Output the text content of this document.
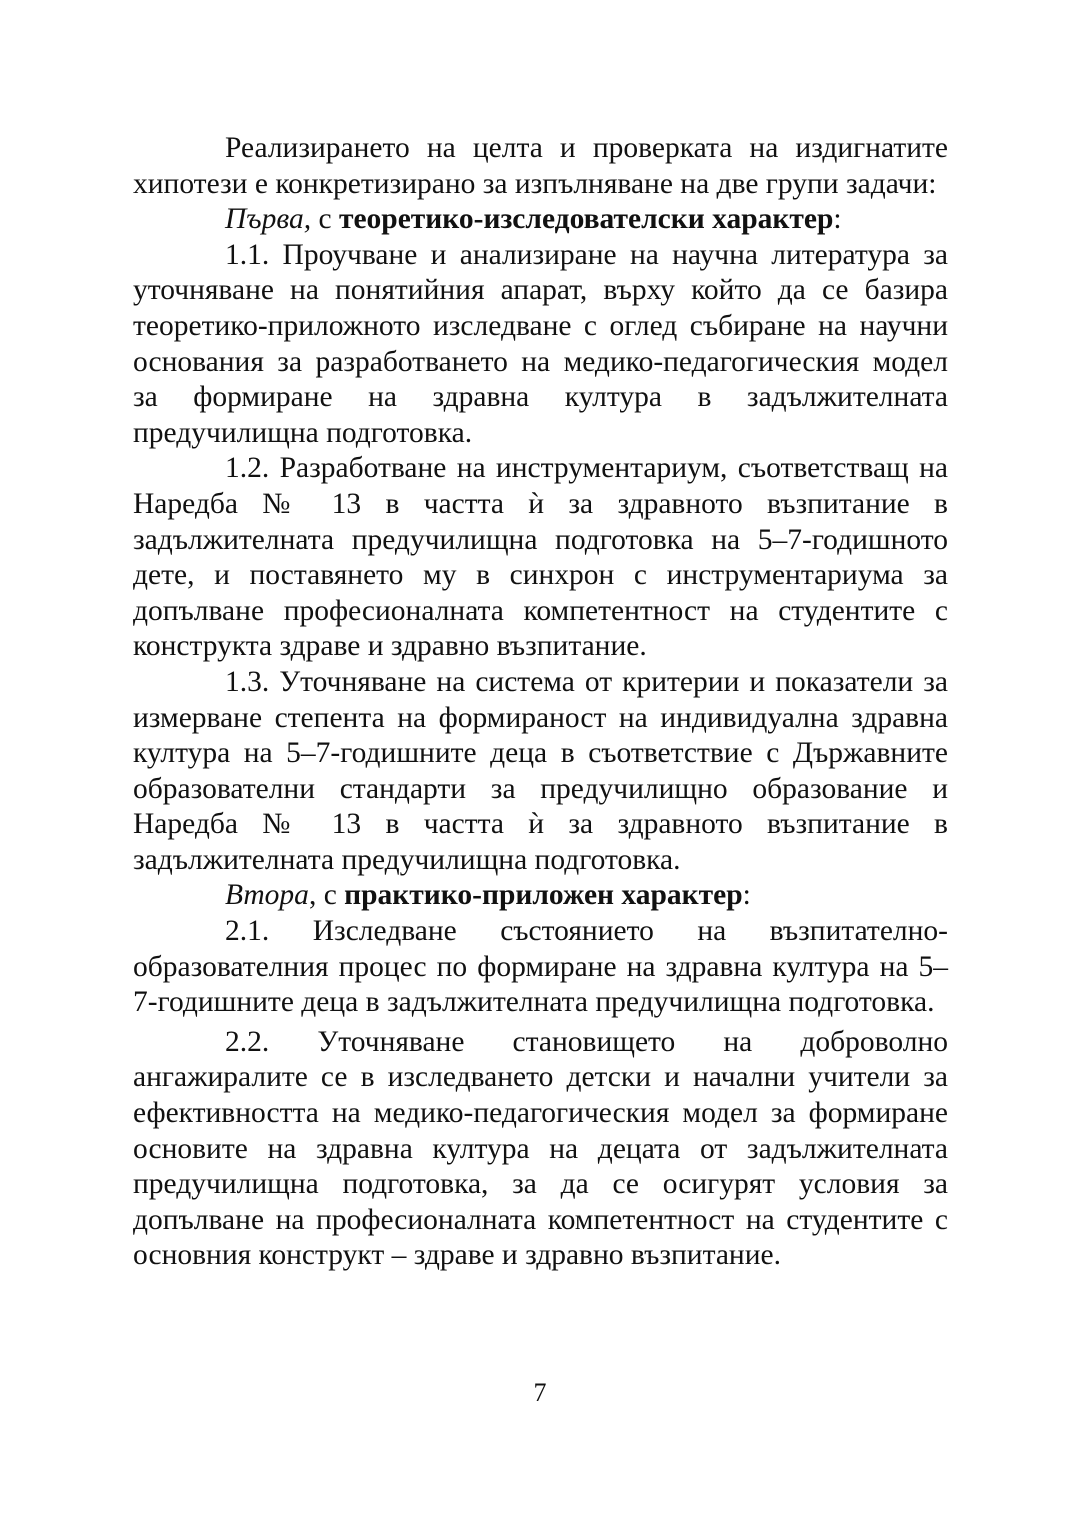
Реализирането на целта и проверката на издигнатите хипотези е конкретизирано за изпълняване на две групи задачи:

Първа, с теоретико-изследователски характер:

1.1. Проучване и анализиране на научна литература за уточняване на понятийния апарат, върху който да се базира теоретико-приложното изследване с оглед събиране на научни основания за разработването на медико-педагогическия модел за формиране на здравна култура в задължителната предучилищна подготовка.

1.2. Разработване на инструментариум, съответстващ на Наредба № 13 в частта ѝ за здравното възпитание в задължителната предучилищна подготовка на 5–7-годишното дете, и поставянето му в синхрон с инструментариума за допълване професионалната компетентност на студентите с конструкта здраве и здравно възпитание.

1.3. Уточняване на система от критерии и показатели за измерване степента на формираност на индивидуална здравна култура на 5–7-годишните деца в съответствие с Държавните образователни стандарти за предучилищно образование и Наредба № 13 в частта ѝ за здравното възпитание в задължителната предучилищна подготовка.

Втора, с практико-приложен характер:

2.1. Изследване състоянието на възпитателно-образователния процес по формиране на здравна култура на 5–7-годишните деца в задължителната предучилищна подготовка.

2.2. Уточняване становището на доброволно ангажиралите се в изследването детски и начални учители за ефективността на медико-педагогическия модел за формиране основите на здравна култура на децата от задължителната предучилищна подготовка, за да се осигурят условия за допълване на професионалната компетентност на студентите с основния конструкт – здраве и здравно възпитание.

7
